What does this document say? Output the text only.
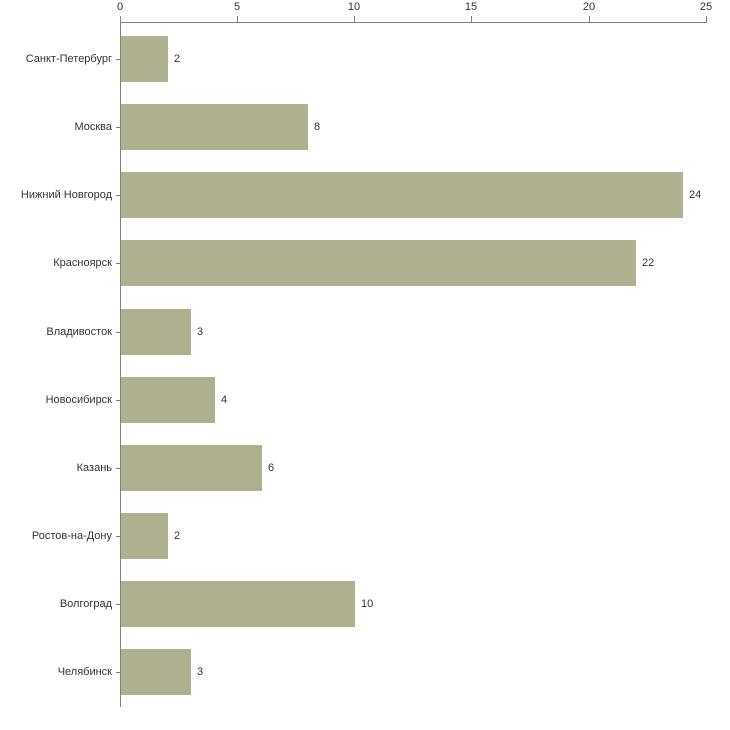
0	5	10	15	20	25
Санкт-Петербург	2
Москва	8
Нижний Новгород	24
Красноярск	22
Владивосток	3
Новосибирск	4
Казань	6
Ростов-на-Дону	2
Волгоград	10
Челябинск	3
